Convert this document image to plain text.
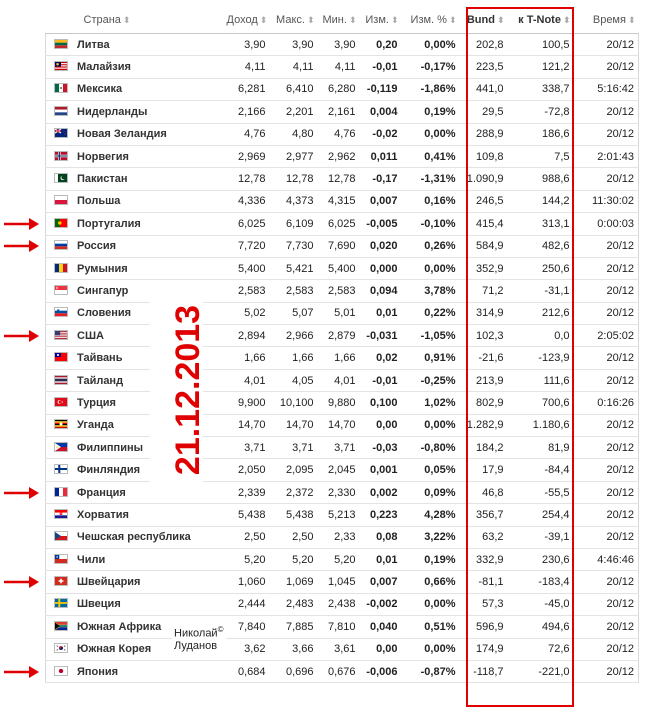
Страна ⬍	Доход ⬍	Макс. ⬍	Мин. ⬍	Изм. ⬍	Изм. % ⬍	Bund ⬍	к T-Note ⬍	Время ⬍
Литва	3,90	3,90	3,90	0,20	0,00%	202,8	100,5	20/12
Малайзия	4,11	4,11	4,11	-0,01	-0,17%	223,5	121,2	20/12
Мексика	6,281	6,410	6,280	-0,119	-1,86%	441,0	338,7	5:16:42
Нидерланды	2,166	2,201	2,161	0,004	0,19%	29,5	-72,8	20/12
Новая Зеландия	4,76	4,80	4,76	-0,02	0,00%	288,9	186,6	20/12
Норвегия	2,969	2,977	2,962	0,011	0,41%	109,8	7,5	2:01:43
Пакистан	12,78	12,78	12,78	-0,17	-1,31%	1.090,9	988,6	20/12
Польша	4,336	4,373	4,315	0,007	0,16%	246,5	144,2	11:30:02
Португалия	6,025	6,109	6,025	-0,005	-0,10%	415,4	313,1	0:00:03
Россия	7,720	7,730	7,690	0,020	0,26%	584,9	482,6	20/12
Румыния	5,400	5,421	5,400	0,000	0,00%	352,9	250,6	20/12
Сингапур	2,583	2,583	2,583	0,094	3,78%	71,2	-31,1	20/12
Словения	5,02	5,07	5,01	0,01	0,22%	314,9	212,6	20/12
США	2,894	2,966	2,879	-0,031	-1,05%	102,3	0,0	2:05:02
Тайвань	1,66	1,66	1,66	0,02	0,91%	-21,6	-123,9	20/12
Тайланд	4,01	4,05	4,01	-0,01	-0,25%	213,9	111,6	20/12
Турция	9,900	10,100	9,880	0,100	1,02%	802,9	700,6	0:16:26
Уганда	14,70	14,70	14,70	0,00	0,00%	1.282,9	1.180,6	20/12
Филиппины	3,71	3,71	3,71	-0,03	-0,80%	184,2	81,9	20/12
Финляндия	2,050	2,095	2,045	0,001	0,05%	17,9	-84,4	20/12
Франция	2,339	2,372	2,330	0,002	0,09%	46,8	-55,5	20/12
Хорватия	5,438	5,438	5,213	0,223	4,28%	356,7	254,4	20/12
Чешская республика	2,50	2,50	2,33	0,08	3,22%	63,2	-39,1	20/12
Чили	5,20	5,20	5,20	0,01	0,19%	332,9	230,6	4:46:46
Швейцария	1,060	1,069	1,045	0,007	0,66%	-81,1	-183,4	20/12
Швеция	2,444	2,483	2,438	-0,002	0,00%	57,3	-45,0	20/12
Южная Африка	7,840	7,885	7,810	0,040	0,51%	596,9	494,6	20/12
Южная Корея	3,62	3,66	3,61	0,00	0,00%	174,9	72,6	20/12
Япония	0,684	0,696	0,676	-0,006	-0,87%	-118,7	-221,0	20/12
21.12.2013
Николай©
Луданов
